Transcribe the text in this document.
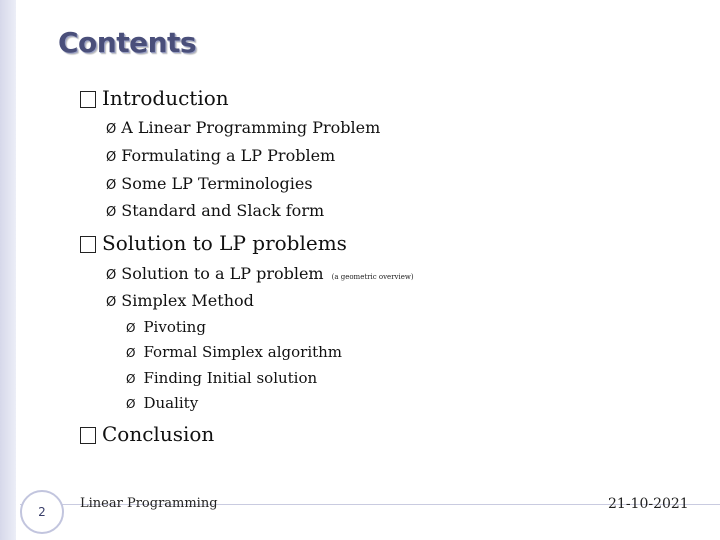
Contents
Introduction
Ø A Linear Programming Problem
Ø Formulating a LP Problem
Ø Some LP Terminologies
Ø Standard and Slack form
Solution to LP problems
Ø Solution to a LP problem (a geometric overview)
Ø Simplex Method
Ø Pivoting
Ø Formal Simplex algorithm
Ø Finding Initial solution
Ø Duality
Conclusion
2
Linear Programming	21-10-2021
